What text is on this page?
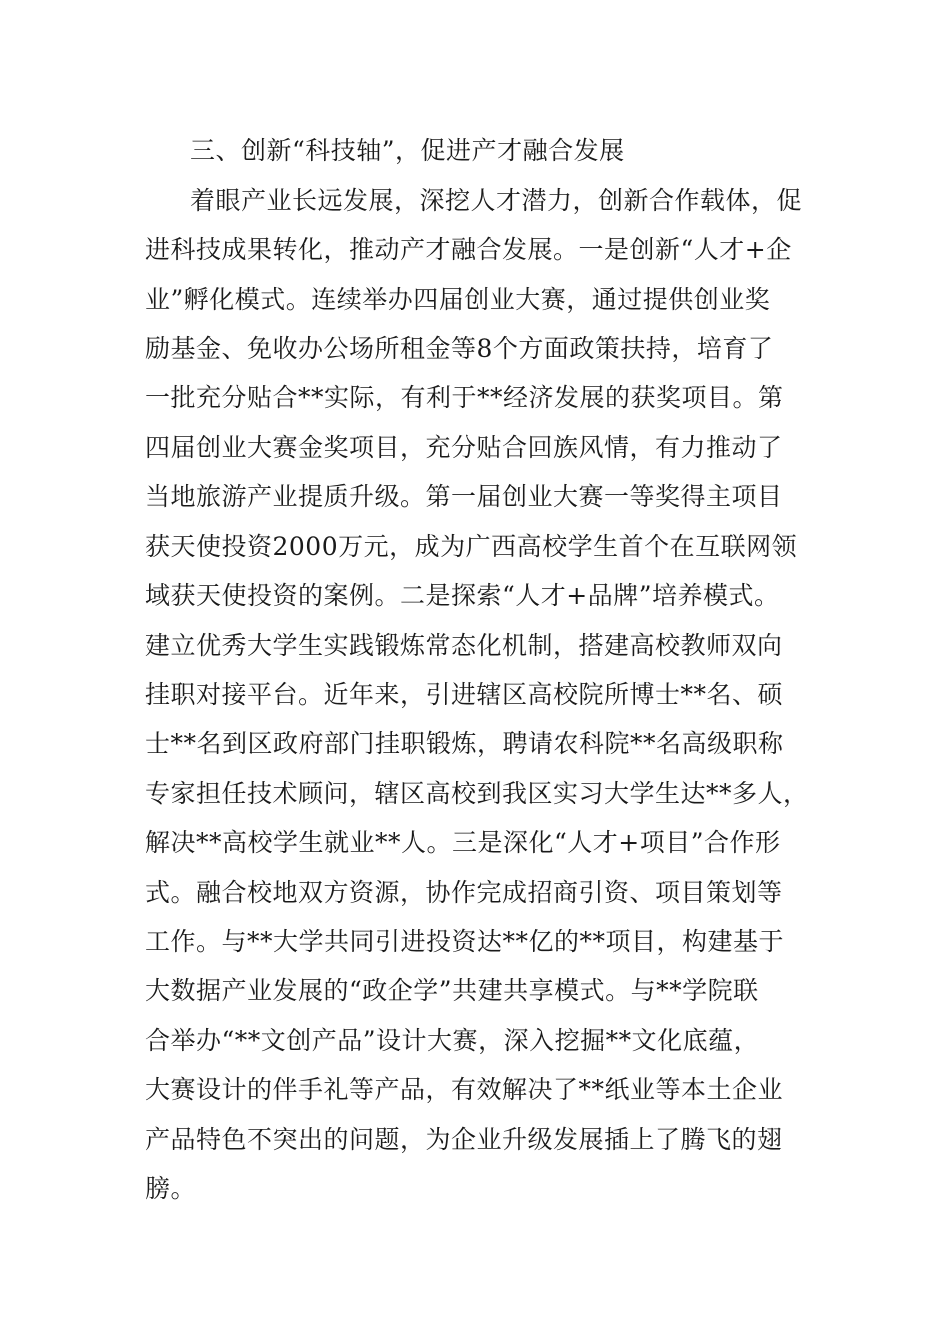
三、创新“科技轴”，促进产才融合发展
着眼产业长远发展，深挖人才潜力，创新合作载体，促
进科技成果转化，推动产才融合发展。一是创新“人才+企
业”孵化模式。连续举办四届创业大赛，通过提供创业奖
励基金、免收办公场所租金等8个方面政策扶持，培育了
一批充分贴合**实际，有利于**经济发展的获奖项目。第
四届创业大赛金奖项目，充分贴合回族风情，有力推动了
当地旅游产业提质升级。第一届创业大赛一等奖得主项目
获天使投资2000万元，成为广西高校学生首个在互联网领
域获天使投资的案例。二是探索“人才+品牌”培养模式。
建立优秀大学生实践锻炼常态化机制，搭建高校教师双向
挂职对接平台。近年来，引进辖区高校院所博士**名、硕
士**名到区政府部门挂职锻炼，聘请农科院**名高级职称
专家担任技术顾问，辖区高校到我区实习大学生达**多人，
解决**高校学生就业**人。三是深化“人才+项目”合作形
式。融合校地双方资源，协作完成招商引资、项目策划等
工作。与**大学共同引进投资达**亿的**项目，构建基于
大数据产业发展的“政企学”共建共享模式。与**学院联
合举办“**文创产品”设计大赛，深入挖掘**文化底蕴，
大赛设计的伴手礼等产品，有效解决了**纸业等本土企业
产品特色不突出的问题，为企业升级发展插上了腾飞的翅
膀。
